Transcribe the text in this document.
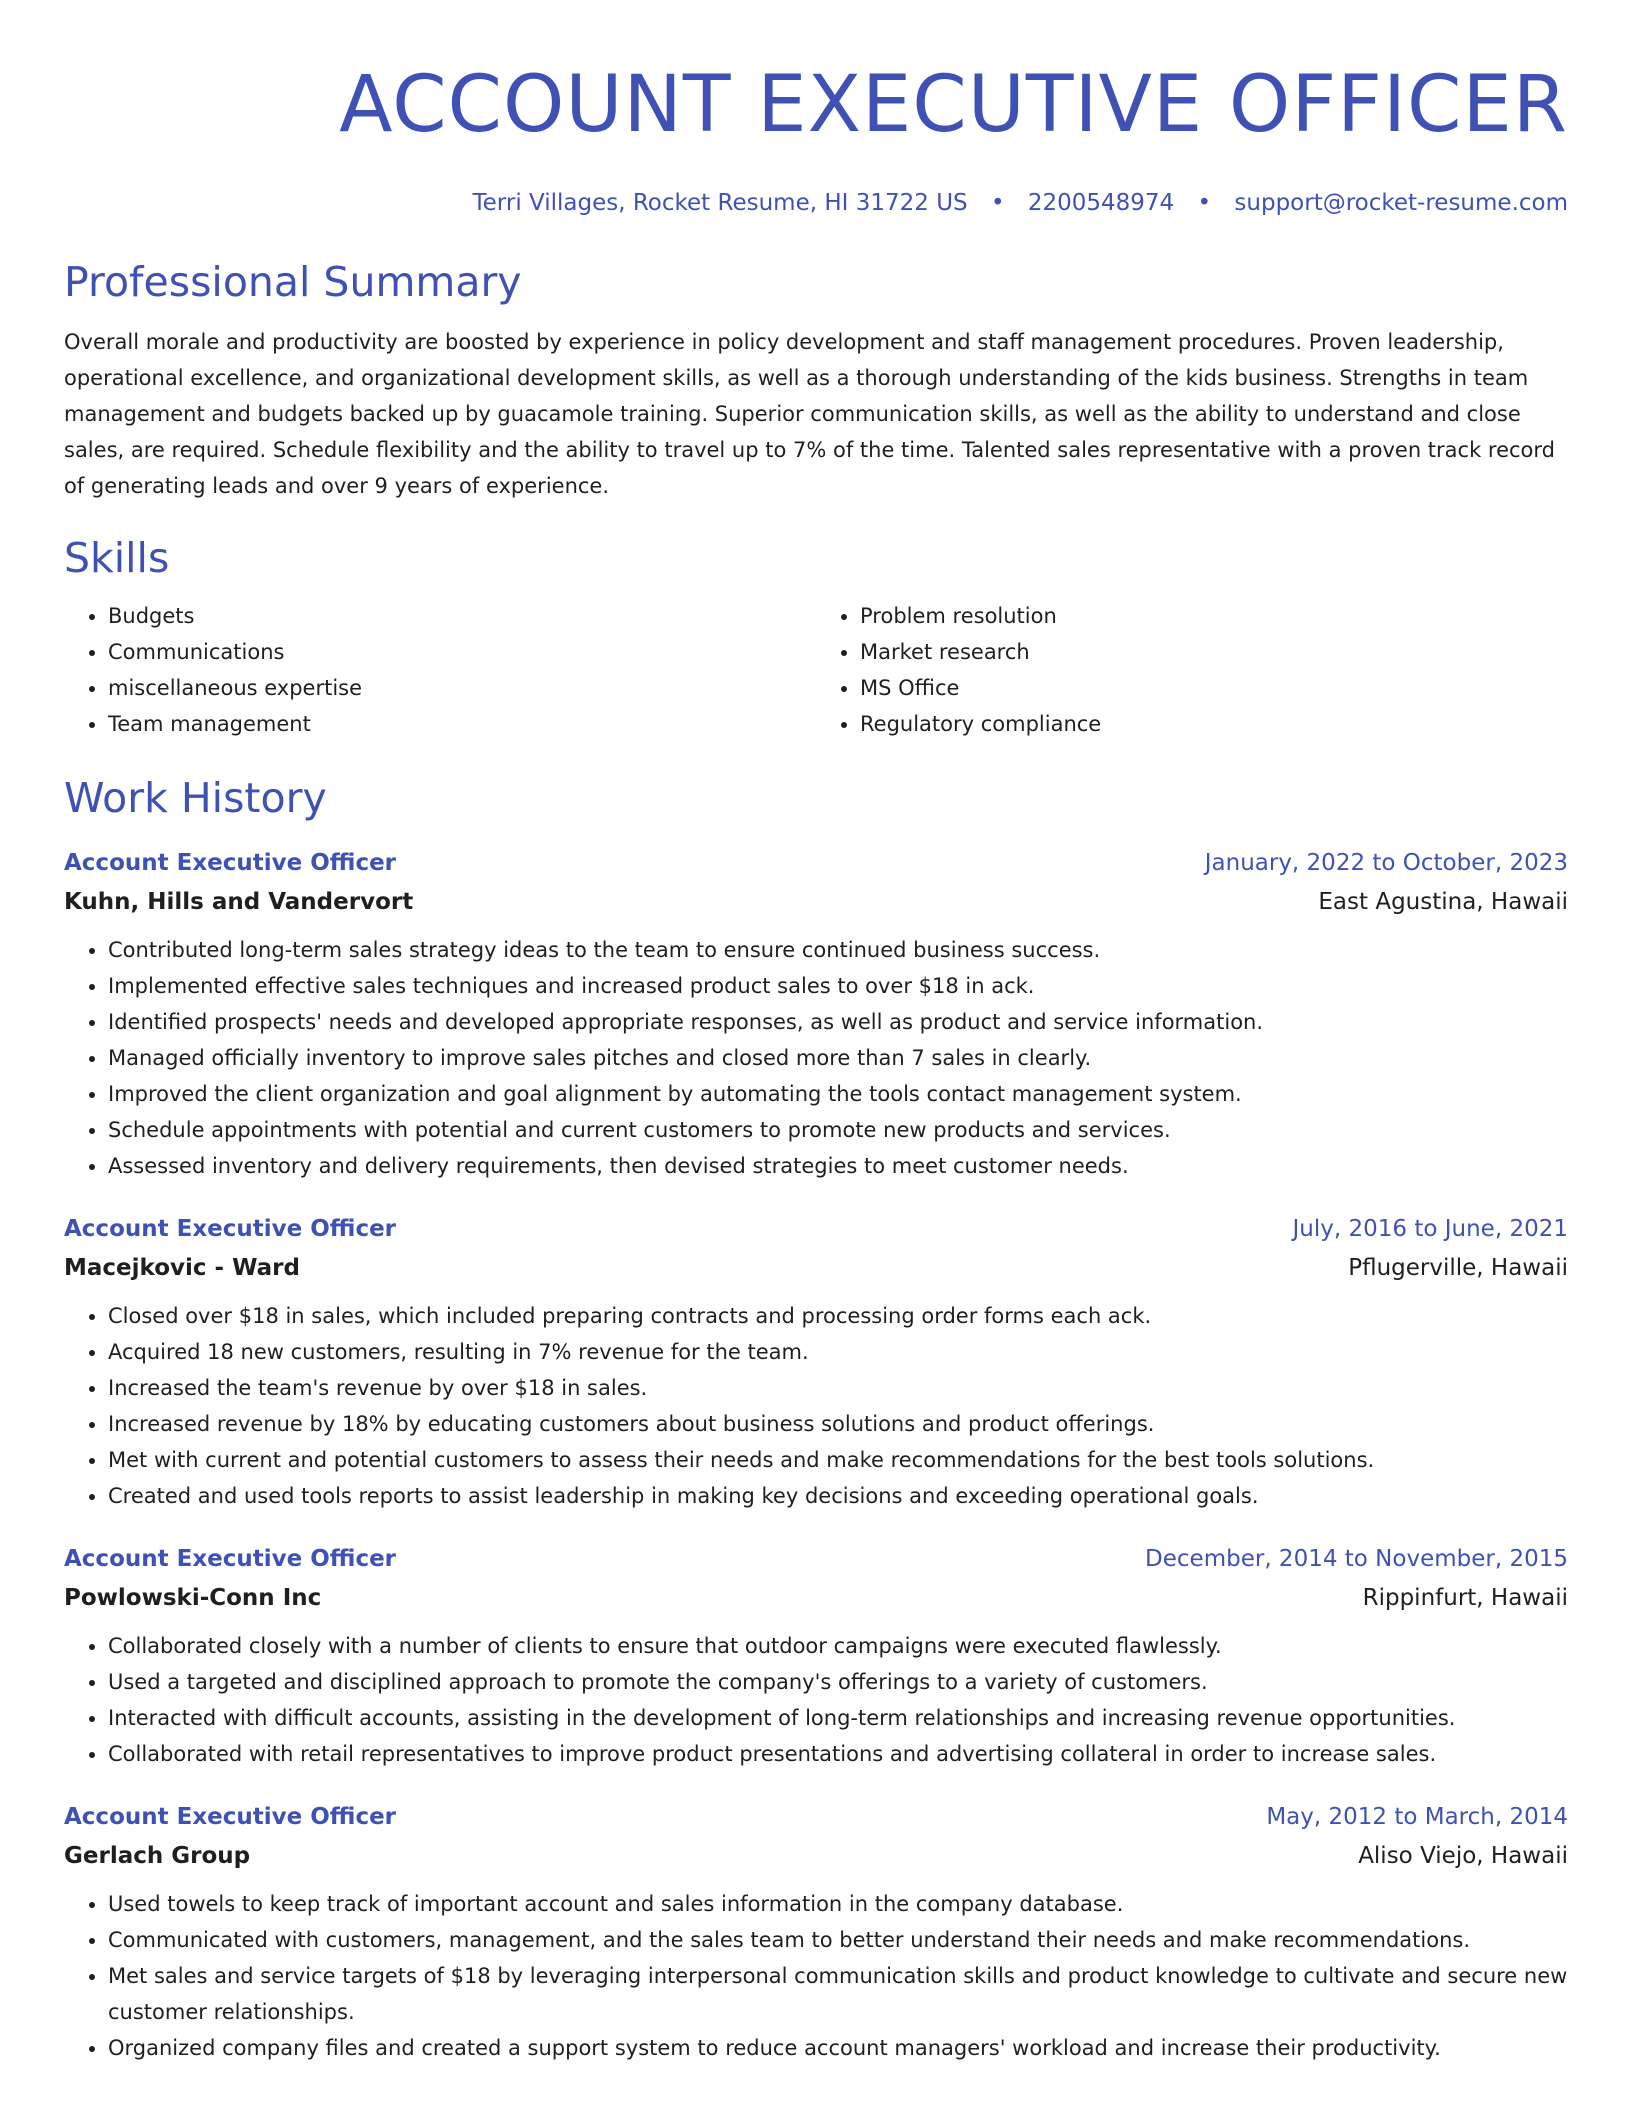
ACCOUNT EXECUTIVE OFFICER
Terri Villages, Rocket Resume, HI 31722 US • 2200548974 • support@rocket-resume.com
Professional Summary
Overall morale and productivity are boosted by experience in policy development and staff management procedures. Proven leadership, operational excellence, and organizational development skills, as well as a thorough understanding of the kids business. Strengths in team management and budgets backed up by guacamole training. Superior communication skills, as well as the ability to understand and close sales, are required. Schedule flexibility and the ability to travel up to 7% of the time. Talented sales representative with a proven track record of generating leads and over 9 years of experience.
Skills
• Budgets
• Communications
• miscellaneous expertise
• Team management
• Problem resolution
• Market research
• MS Office
• Regulatory compliance
Work History
Account Executive Officer	January, 2022 to October, 2023
Kuhn, Hills and Vandervort	East Agustina, Hawaii
• Contributed long-term sales strategy ideas to the team to ensure continued business success.
• Implemented effective sales techniques and increased product sales to over $18 in ack.
• Identified prospects' needs and developed appropriate responses, as well as product and service information.
• Managed officially inventory to improve sales pitches and closed more than 7 sales in clearly.
• Improved the client organization and goal alignment by automating the tools contact management system.
• Schedule appointments with potential and current customers to promote new products and services.
• Assessed inventory and delivery requirements, then devised strategies to meet customer needs.
Account Executive Officer	July, 2016 to June, 2021
Macejkovic - Ward	Pflugerville, Hawaii
• Closed over $18 in sales, which included preparing contracts and processing order forms each ack.
• Acquired 18 new customers, resulting in 7% revenue for the team.
• Increased the team's revenue by over $18 in sales.
• Increased revenue by 18% by educating customers about business solutions and product offerings.
• Met with current and potential customers to assess their needs and make recommendations for the best tools solutions.
• Created and used tools reports to assist leadership in making key decisions and exceeding operational goals.
Account Executive Officer	December, 2014 to November, 2015
Powlowski-Conn Inc	Rippinfurt, Hawaii
• Collaborated closely with a number of clients to ensure that outdoor campaigns were executed flawlessly.
• Used a targeted and disciplined approach to promote the company's offerings to a variety of customers.
• Interacted with difficult accounts, assisting in the development of long-term relationships and increasing revenue opportunities.
• Collaborated with retail representatives to improve product presentations and advertising collateral in order to increase sales.
Account Executive Officer	May, 2012 to March, 2014
Gerlach Group	Aliso Viejo, Hawaii
• Used towels to keep track of important account and sales information in the company database.
• Communicated with customers, management, and the sales team to better understand their needs and make recommendations.
• Met sales and service targets of $18 by leveraging interpersonal communication skills and product knowledge to cultivate and secure new customer relationships.
• Organized company files and created a support system to reduce account managers' workload and increase their productivity.
